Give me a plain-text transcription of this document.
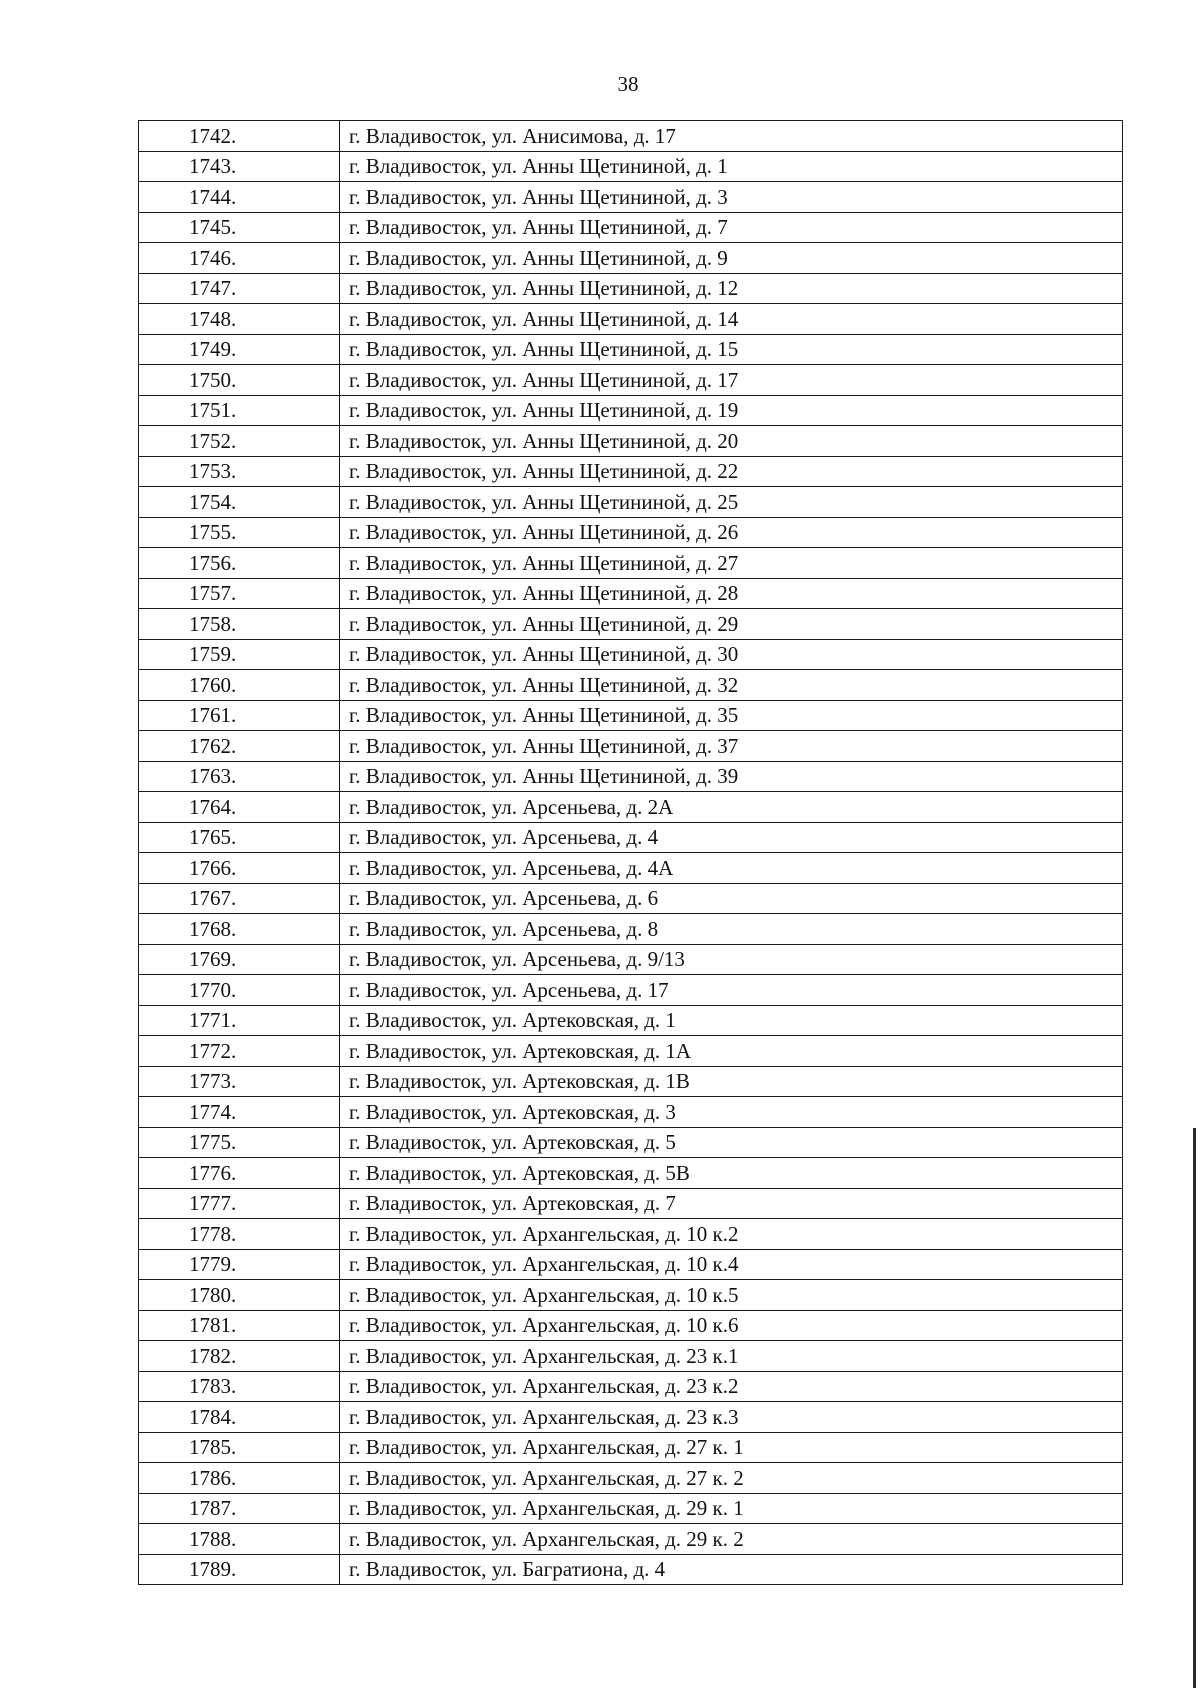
38
1742.	г. Владивосток, ул. Анисимова, д. 17
1743.	г. Владивосток, ул. Анны Щетининой, д. 1
1744.	г. Владивосток, ул. Анны Щетининой, д. 3
1745.	г. Владивосток, ул. Анны Щетининой, д. 7
1746.	г. Владивосток, ул. Анны Щетининой, д. 9
1747.	г. Владивосток, ул. Анны Щетининой, д. 12
1748.	г. Владивосток, ул. Анны Щетининой, д. 14
1749.	г. Владивосток, ул. Анны Щетининой, д. 15
1750.	г. Владивосток, ул. Анны Щетининой, д. 17
1751.	г. Владивосток, ул. Анны Щетининой, д. 19
1752.	г. Владивосток, ул. Анны Щетининой, д. 20
1753.	г. Владивосток, ул. Анны Щетининой, д. 22
1754.	г. Владивосток, ул. Анны Щетининой, д. 25
1755.	г. Владивосток, ул. Анны Щетининой, д. 26
1756.	г. Владивосток, ул. Анны Щетининой, д. 27
1757.	г. Владивосток, ул. Анны Щетининой, д. 28
1758.	г. Владивосток, ул. Анны Щетининой, д. 29
1759.	г. Владивосток, ул. Анны Щетининой, д. 30
1760.	г. Владивосток, ул. Анны Щетининой, д. 32
1761.	г. Владивосток, ул. Анны Щетининой, д. 35
1762.	г. Владивосток, ул. Анны Щетининой, д. 37
1763.	г. Владивосток, ул. Анны Щетининой, д. 39
1764.	г. Владивосток, ул. Арсеньева, д. 2А
1765.	г. Владивосток, ул. Арсеньева, д. 4
1766.	г. Владивосток, ул. Арсеньева, д. 4А
1767.	г. Владивосток, ул. Арсеньева, д. 6
1768.	г. Владивосток, ул. Арсеньева, д. 8
1769.	г. Владивосток, ул. Арсеньева, д. 9/13
1770.	г. Владивосток, ул. Арсеньева, д. 17
1771.	г. Владивосток, ул. Артековская, д. 1
1772.	г. Владивосток, ул. Артековская, д. 1А
1773.	г. Владивосток, ул. Артековская, д. 1В
1774.	г. Владивосток, ул. Артековская, д. 3
1775.	г. Владивосток, ул. Артековская, д. 5
1776.	г. Владивосток, ул. Артековская, д. 5В
1777.	г. Владивосток, ул. Артековская, д. 7
1778.	г. Владивосток, ул. Архангельская, д. 10 к.2
1779.	г. Владивосток, ул. Архангельская, д. 10 к.4
1780.	г. Владивосток, ул. Архангельская, д. 10 к.5
1781.	г. Владивосток, ул. Архангельская, д. 10 к.6
1782.	г. Владивосток, ул. Архангельская, д. 23 к.1
1783.	г. Владивосток, ул. Архангельская, д. 23 к.2
1784.	г. Владивосток, ул. Архангельская, д. 23 к.3
1785.	г. Владивосток, ул. Архангельская, д. 27 к. 1
1786.	г. Владивосток, ул. Архангельская, д. 27 к. 2
1787.	г. Владивосток, ул. Архангельская, д. 29 к. 1
1788.	г. Владивосток, ул. Архангельская, д. 29 к. 2
1789.	г. Владивосток, ул. Багратиона, д. 4
